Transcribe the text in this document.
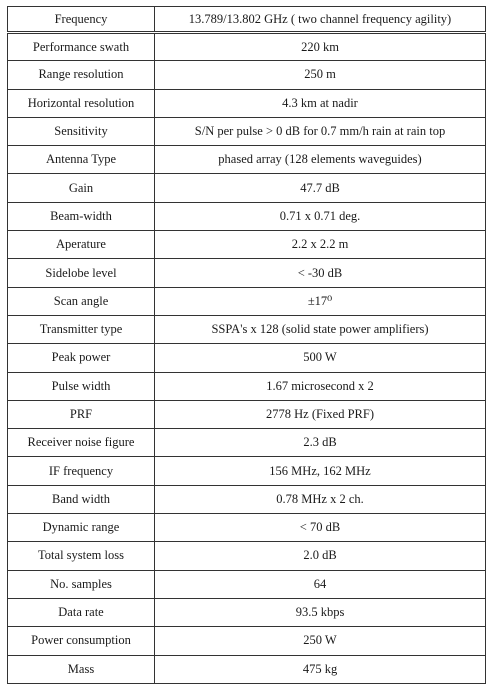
Frequency	13.789/13.802 GHz ( two channel frequency agility)
Performance swath	220 km
Range resolution	250 m
Horizontal resolution	4.3 km at nadir
Sensitivity	S/N per pulse > 0 dB for 0.7 mm/h rain at rain top
Antenna Type	phased array (128 elements waveguides)
Gain	47.7 dB
Beam-width	0.71 x 0.71 deg.
Aperature	2.2 x 2.2 m
Sidelobe level	< -30 dB
Scan angle	±17⁰
Transmitter type	SSPA's x 128 (solid state power amplifiers)
Peak power	500 W
Pulse width	1.67 microsecond x 2
PRF	2778 Hz (Fixed PRF)
Receiver noise figure	2.3 dB
IF frequency	156 MHz, 162 MHz
Band width	0.78 MHz x 2 ch.
Dynamic range	< 70 dB
Total system loss	2.0 dB
No. samples	64
Data rate	93.5 kbps
Power consumption	250 W
Mass	475 kg
